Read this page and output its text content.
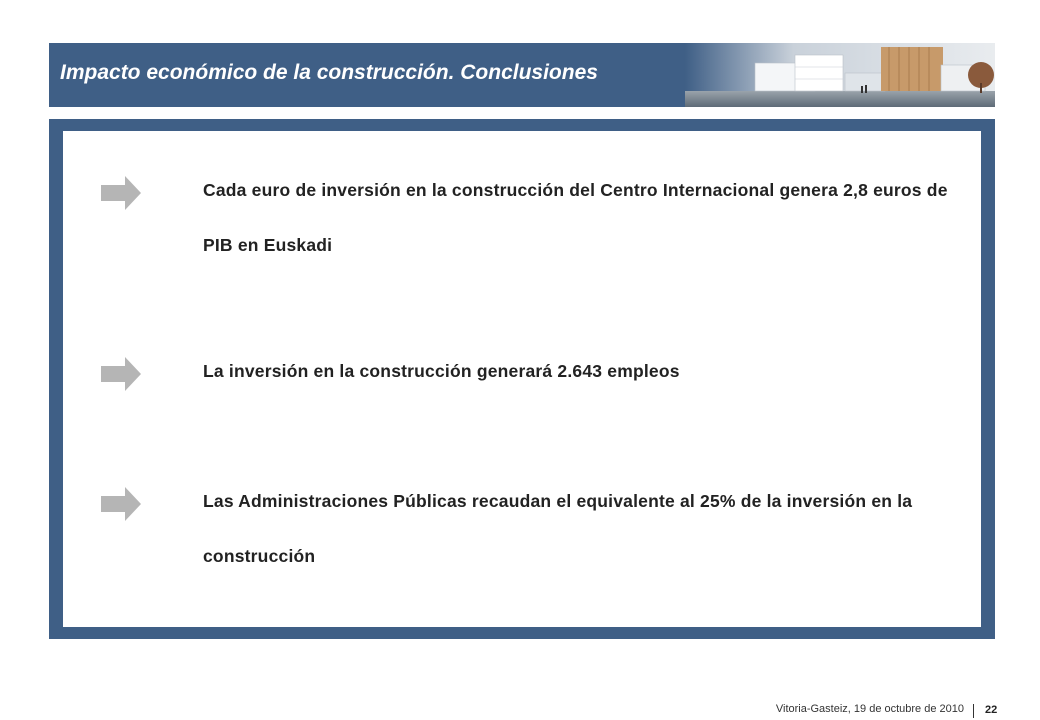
Impacto económico de la construcción. Conclusiones
Cada euro de inversión en la construcción del Centro Internacional genera 2,8 euros de PIB en Euskadi
La inversión en la construcción generará 2.643 empleos
Las Administraciones Públicas recaudan el equivalente al 25% de la inversión en la construcción
Vitoria-Gasteiz, 19 de octubre de 2010 22
